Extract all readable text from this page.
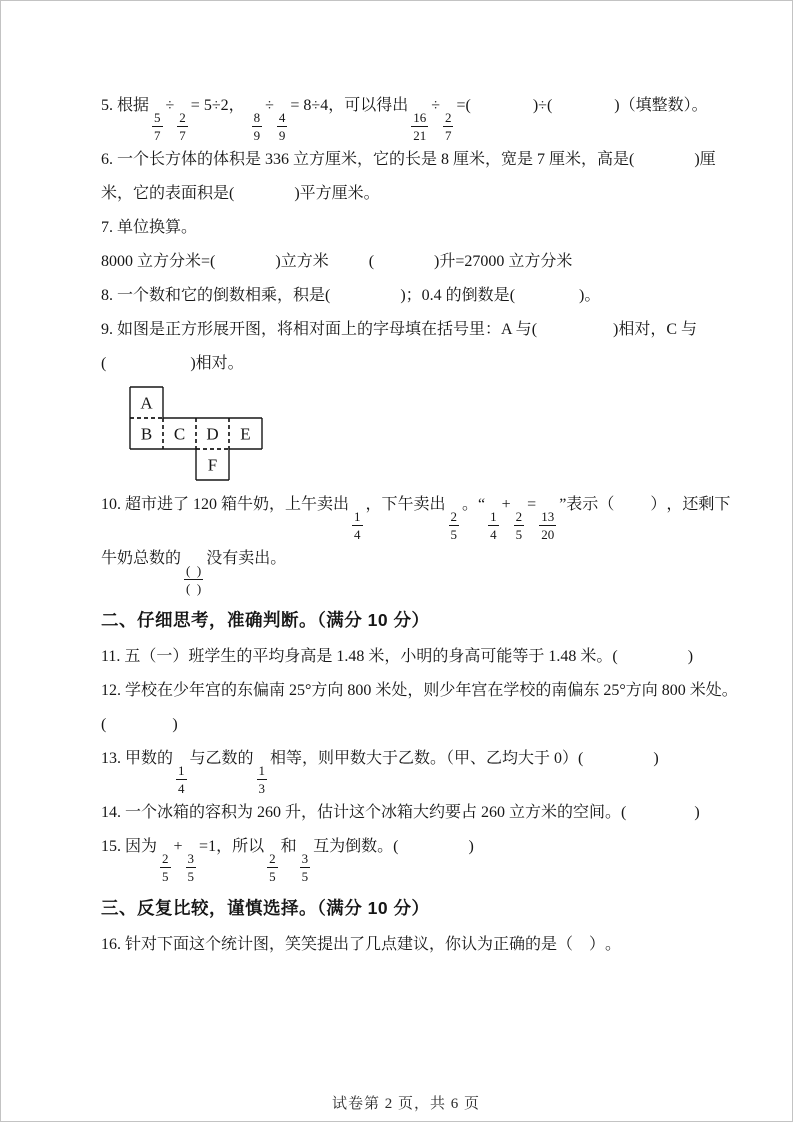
5. 根据
$\frac{5}{7}$
÷
$\frac{2}{7}$
= 5÷2，
$\frac{8}{9}$
÷
$\frac{4}{9}$
= 8÷4，可以得出
$\frac{16}{21}$
÷
$\frac{2}{7}$
= (	) ÷ (	) （填整数）。
6. 一个长方体的体积是 336 立方厘米，它的长是 8 厘米，宽是 7 厘米，高是 (	) 厘
米，它的表面积是 (	) 平方厘米。
7. 单位换算。
8000 立方分米= (	) 立方米	(	) 升=27000 立方分米
8. 一个数和它的倒数相乘，积是 (	) ；0.4 的倒数是 (	) 。
9. 如图是正方形展开图，将相对面上的字母填在括号里：A 与 (	) 相对，C 与
(	) 相对。
A
B C D E
F
10. 超市进了 120 箱牛奶，上午卖出
$\frac{1}{4}$
，下午卖出
$\frac{2}{5}$
。“
$\frac{1}{4}$
+
$\frac{2}{5}$
=
$\frac{13}{20}$
”表示 （ ） ，还剩下
牛奶总数的
$\frac{( )}{( )}$
没有卖出。
二、仔细思考，准确判断。（满分 10 分）
11. 五（一）班学生的平均身高是 1.48 米，小明的身高可能等于 1.48 米。 (	)
12. 学校在少年宫的东偏南 25°方向 800 米处，则少年宫在学校的南偏东 25°方向 800 米处。
(	)
13. 甲数的
$\frac{1}{4}$
与乙数的
$\frac{1}{3}$
相等，则甲数大于乙数。（甲、乙均大于 0） (	)
14. 一个冰箱的容积为 260 升，估计这个冰箱大约要占 260 立方米的空间。 (	)
15. 因为
$\frac{2}{5}$
+
$\frac{3}{5}$
=1，所以
$\frac{2}{5}$
和
$\frac{3}{5}$
互为倒数。 (	)
三、反复比较，谨慎选择。（满分 10 分）
16. 针对下面这个统计图，笑笑提出了几点建议，你认为正确的是 （ ） 。

试卷第 2 页，共 6 页
